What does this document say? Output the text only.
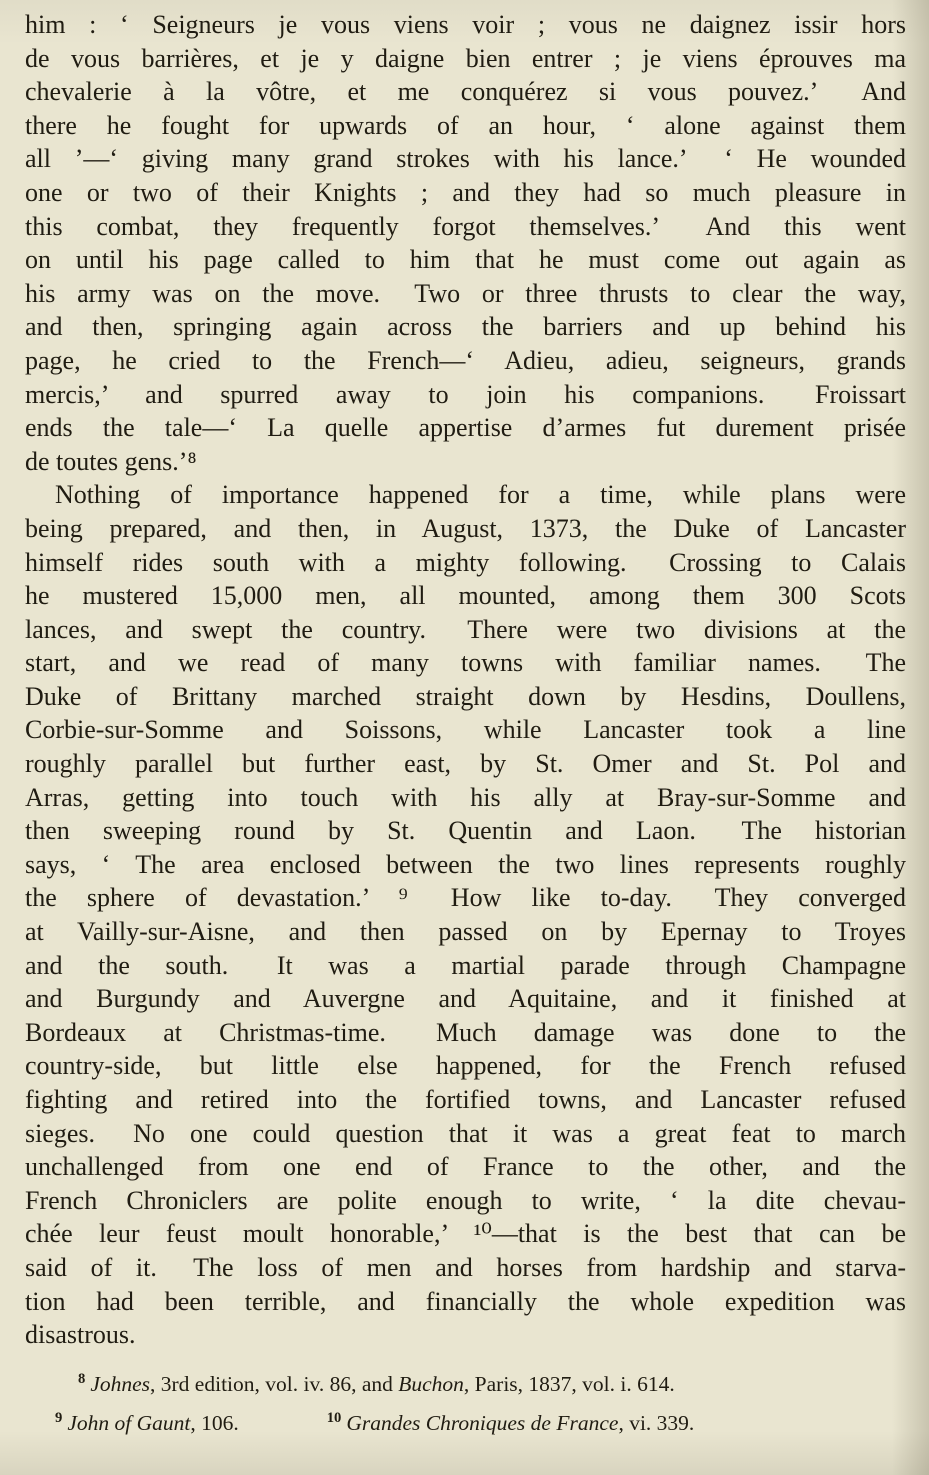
him : ‘ Seigneurs je vous viens voir ; vous ne daignez issir hors
de vous barrières, et je y daigne bien entrer ; je viens éprouves ma
chevalerie à la vôtre, et me conquérez si vous pouvez.’  And
there he fought for upwards of an hour, ‘ alone against them
all ’—‘ giving many grand strokes with his lance.’  ‘ He wounded
one or two of their Knights ; and they had so much pleasure in
this combat, they frequently forgot themselves.’  And this went
on until his page called to him that he must come out again as
his army was on the move.  Two or three thrusts to clear the way,
and then, springing again across the barriers and up behind his
page, he cried to the French—‘ Adieu, adieu, seigneurs, grands
mercis,’ and spurred away to join his companions.  Froissart
ends the tale—‘ La quelle appertise d’armes fut durement prisée
de toutes gens.’⁸
Nothing of importance happened for a time, while plans were
being prepared, and then, in August, 1373, the Duke of Lancaster
himself rides south with a mighty following.  Crossing to Calais
he mustered 15,000 men, all mounted, among them 300 Scots
lances, and swept the country.  There were two divisions at the
start, and we read of many towns with familiar names.  The
Duke of Brittany marched straight down by Hesdins, Doullens,
Corbie-sur-Somme and Soissons, while Lancaster took a line
roughly parallel but further east, by St. Omer and St. Pol and
Arras, getting into touch with his ally at Bray-sur-Somme and
then sweeping round by St. Quentin and Laon.  The historian
says, ‘ The area enclosed between the two lines represents roughly
the sphere of devastation.’ ⁹  How like to-day.  They converged
at Vailly-sur-Aisne, and then passed on by Epernay to Troyes
and the south.  It was a martial parade through Champagne
and Burgundy and Auvergne and Aquitaine, and it finished at
Bordeaux at Christmas-time.  Much damage was done to the
country-side, but little else happened, for the French refused
fighting and retired into the fortified towns, and Lancaster refused
sieges.  No one could question that it was a great feat to march
unchallenged from one end of France to the other, and the
French Chroniclers are polite enough to write, ‘ la dite chevau-
chée leur feust moult honorable,’ ¹⁰—that is the best that can be
said of it.  The loss of men and horses from hardship and starva-
tion had been terrible, and financially the whole expedition was
disastrous.
$^8$ Johnes, 3rd edition, vol. iv. 86, and Buchon, Paris, 1837, vol. i. 614.
$^9$ John of Gaunt, 106.	$^{10}$ Grandes Chroniques de France, vi. 339.
